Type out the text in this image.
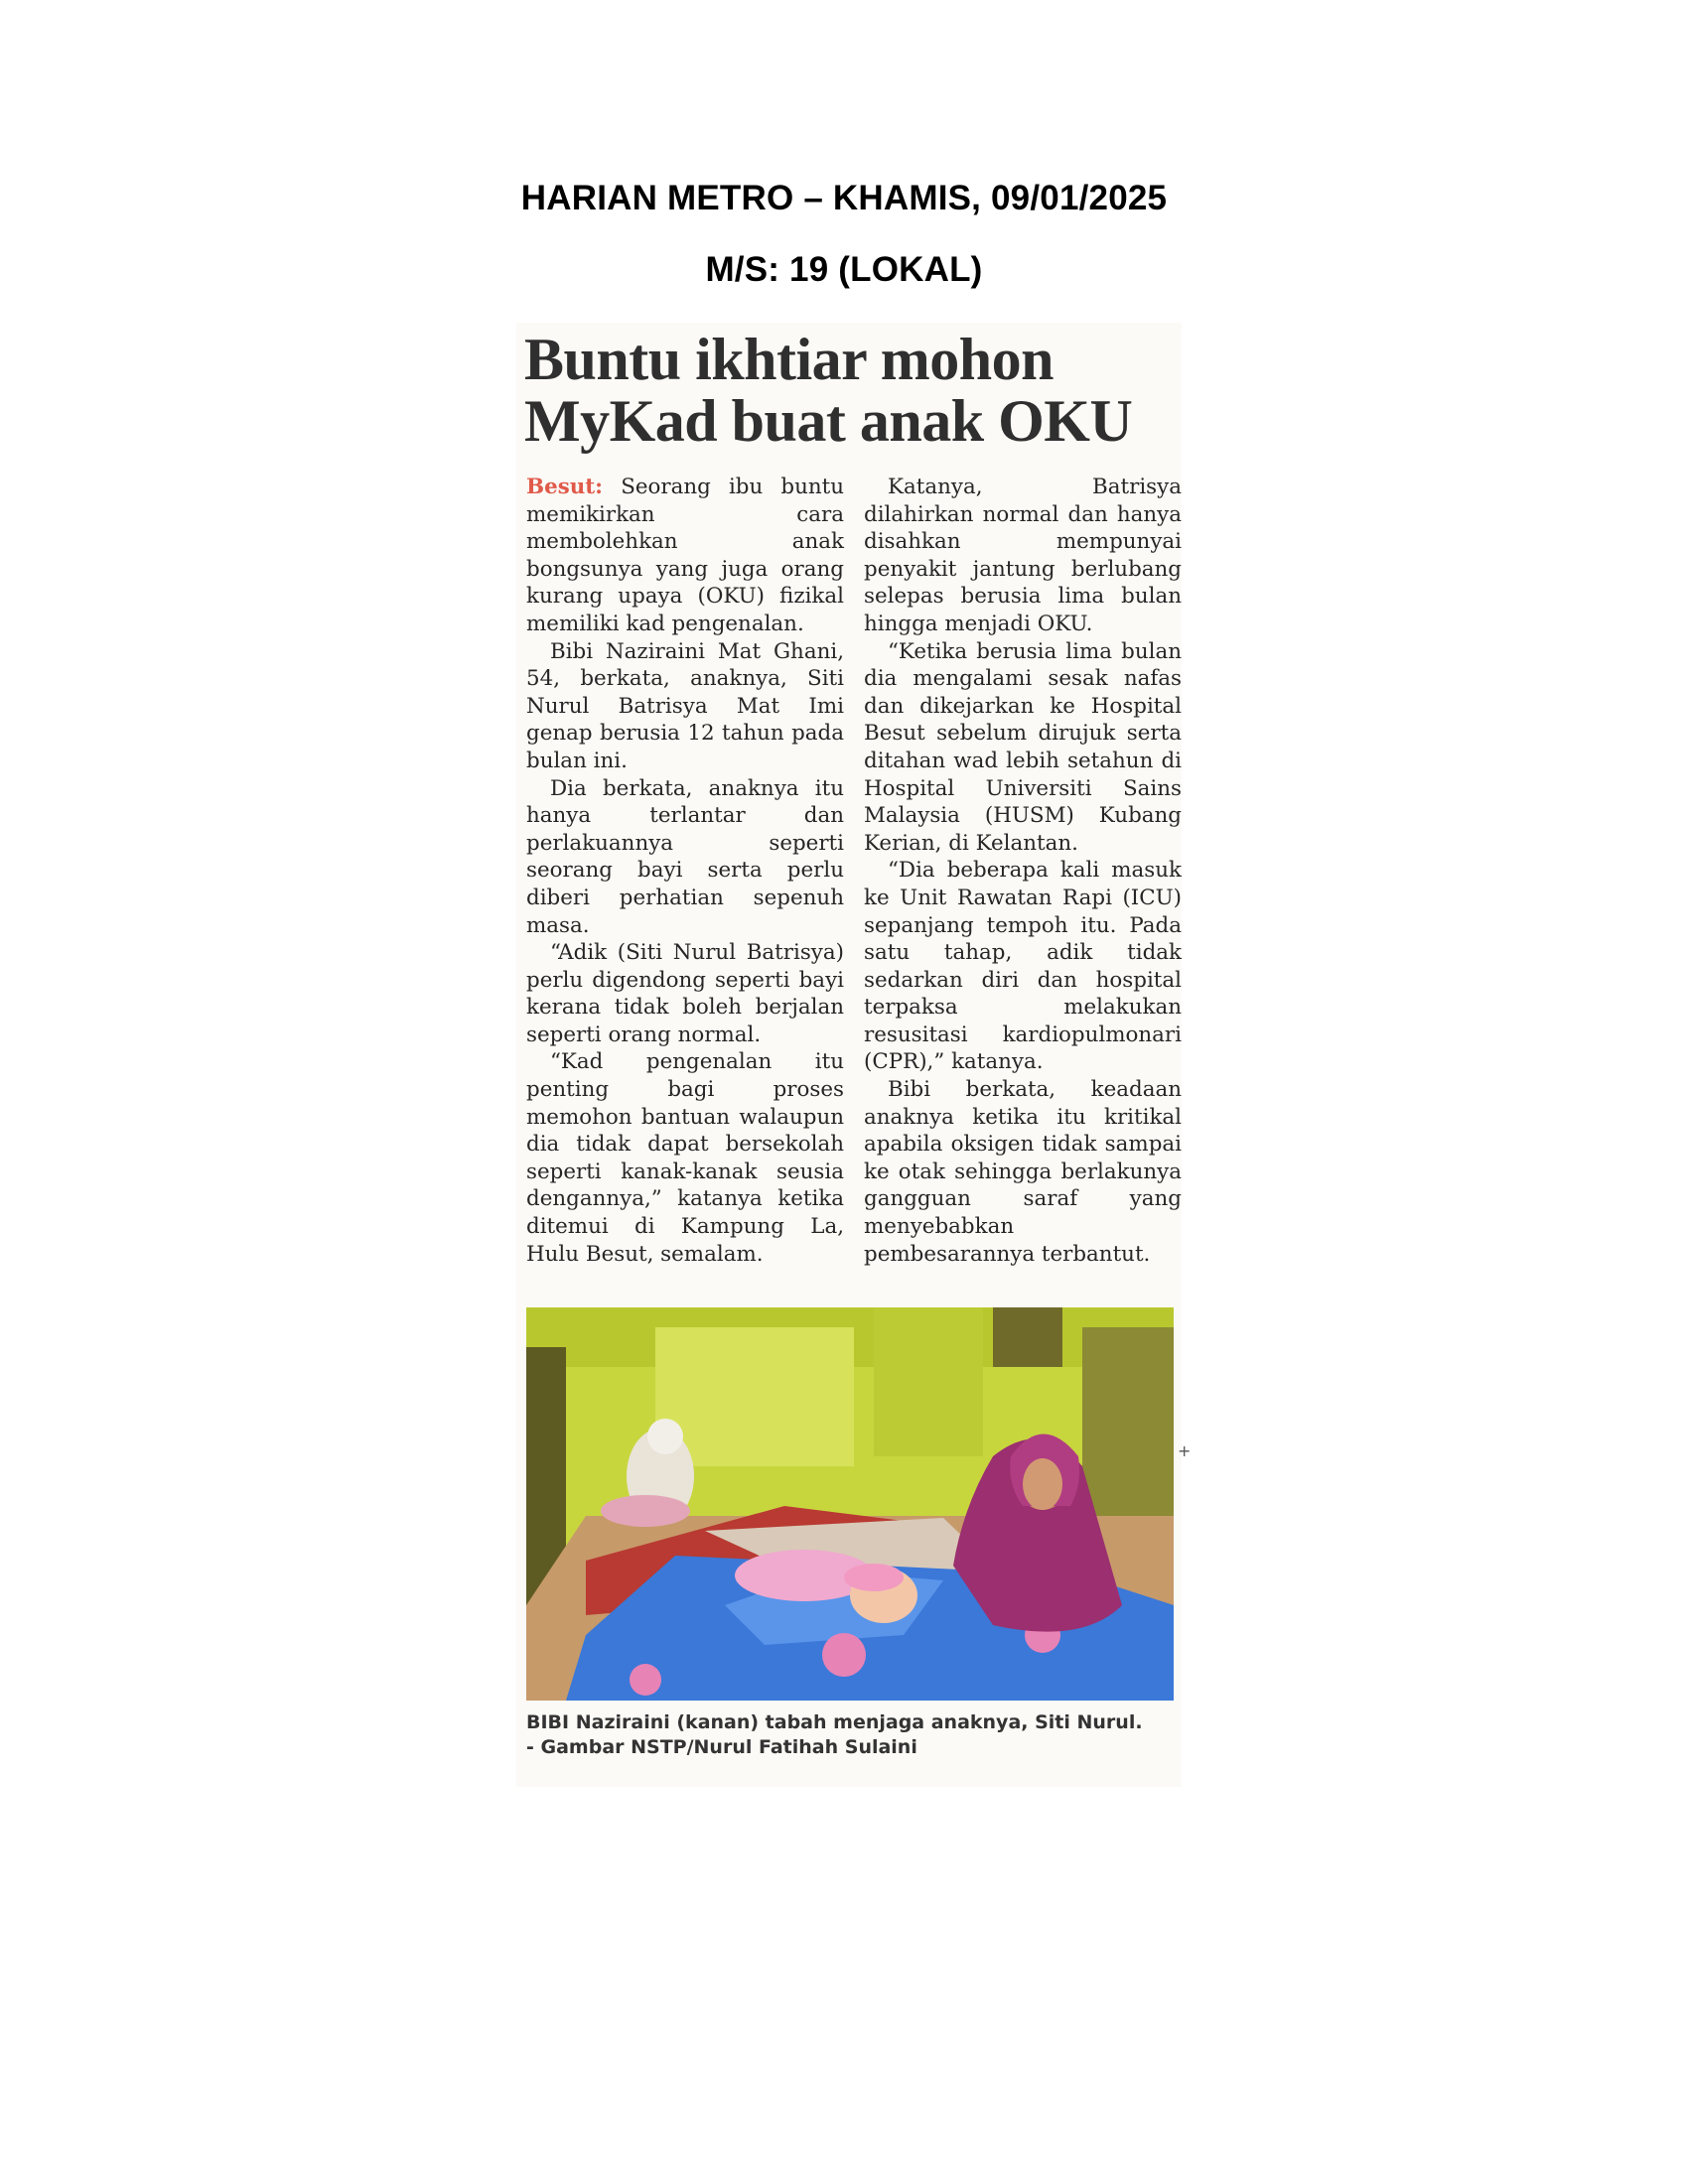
HARIAN METRO – KHAMIS, 09/01/2025
M/S: 19 (LOKAL)
Buntu ikhtiar mohon
MyKad buat anak OKU

Besut: Seorang ibu buntu memikirkan cara membolehkan anak bongsunya yang juga orang kurang upaya (OKU) fizikal memiliki kad pengenalan.

Bibi Naziraini Mat Ghani, 54, berkata, anaknya, Siti Nurul Batrisya Mat Imi genap berusia 12 tahun pada bulan ini.

Dia berkata, anaknya itu hanya terlantar dan perlakuannya seperti seorang bayi serta perlu diberi perhatian sepenuh masa.

“Adik (Siti Nurul Batrisya) perlu digendong seperti bayi kerana tidak boleh berjalan seperti orang normal.

“Kad pengenalan itu penting bagi proses memohon bantuan walaupun dia tidak dapat bersekolah seperti kanak-kanak seusia dengannya,” katanya ketika ditemui di Kampung La, Hulu Besut, semalam.

Katanya, Batrisya dilahirkan normal dan hanya disahkan mempunyai penyakit jantung berlubang selepas berusia lima bulan hingga menjadi OKU.

“Ketika berusia lima bulan dia mengalami sesak nafas dan dikejarkan ke Hospital Besut sebelum dirujuk serta ditahan wad lebih setahun di Hospital Universiti Sains Malaysia (HUSM) Kubang Kerian, di Kelantan.

“Dia beberapa kali masuk ke Unit Rawatan Rapi (ICU) sepanjang tempoh itu. Pada satu tahap, adik tidak sedarkan diri dan hospital terpaksa melakukan resusitasi kardiopulmonari (CPR),” katanya.

Bibi berkata, keadaan anaknya ketika itu kritikal apabila oksigen tidak sampai ke otak sehingga berlakunya gangguan saraf yang menyebabkan pembesarannya terbantut.

BIBI Naziraini (kanan) tabah menjaga anaknya, Siti Nurul.
- Gambar NSTP/Nurul Fatihah Sulaini
+
